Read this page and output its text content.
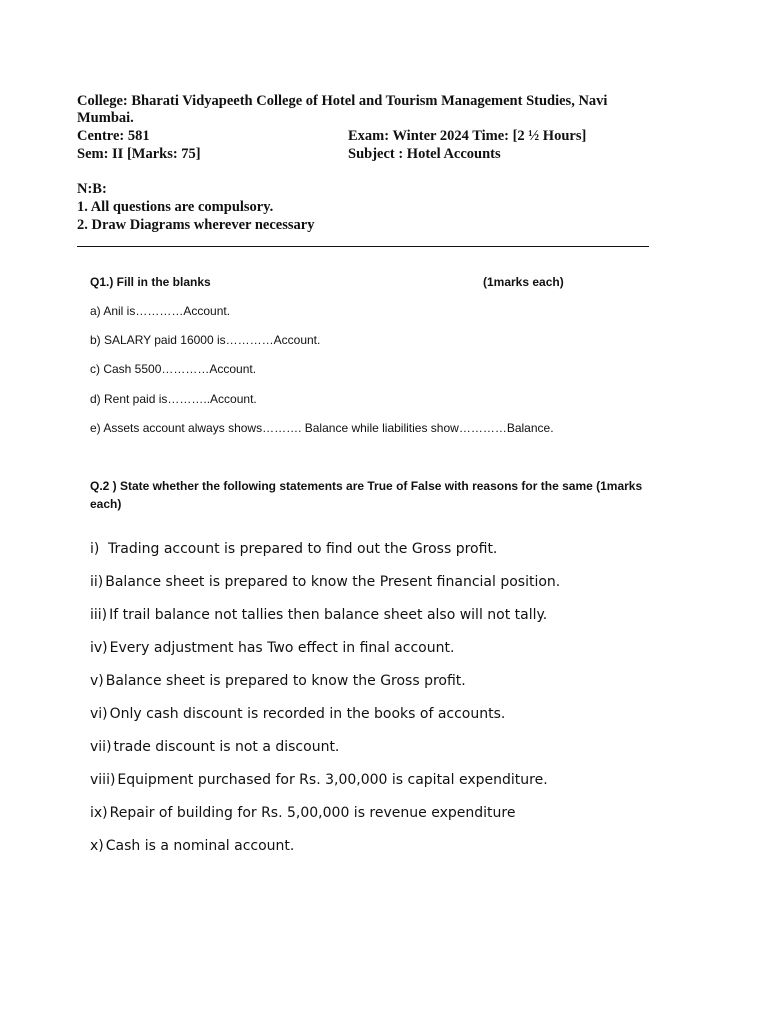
College: Bharati Vidyapeeth College of Hotel and Tourism Management Studies, Navi
Mumbai.
Centre: 581	Exam: Winter 2024 Time: [2 ½ Hours]
Sem: II [Marks: 75]	Subject : Hotel Accounts
N:B:
1. All questions are compulsory.
2. Draw Diagrams wherever necessary
Q1.) Fill in the blanks	(1marks each)
a) Anil is…………Account.
b) SALARY paid 16000 is…………Account.
c) Cash 5500…………Account.
d) Rent paid is………..Account.
e) Assets account always shows………. Balance while liabilities show…………Balance.
Q.2 ) State whether the following statements are True of False with reasons for the same (1marks
each)
i) Trading account is prepared to find out the Gross profit.
ii) Balance sheet is prepared to know the Present financial position.
iii) If trail balance not tallies then balance sheet also will not tally.
iv) Every adjustment has Two effect in final account.
v) Balance sheet is prepared to know the Gross profit.
vi) Only cash discount is recorded in the books of accounts.
vii) trade discount is not a discount.
viii) Equipment purchased for Rs. 3,00,000 is capital expenditure.
ix) Repair of building for Rs. 5,00,000 is revenue expenditure
x) Cash is a nominal account.
